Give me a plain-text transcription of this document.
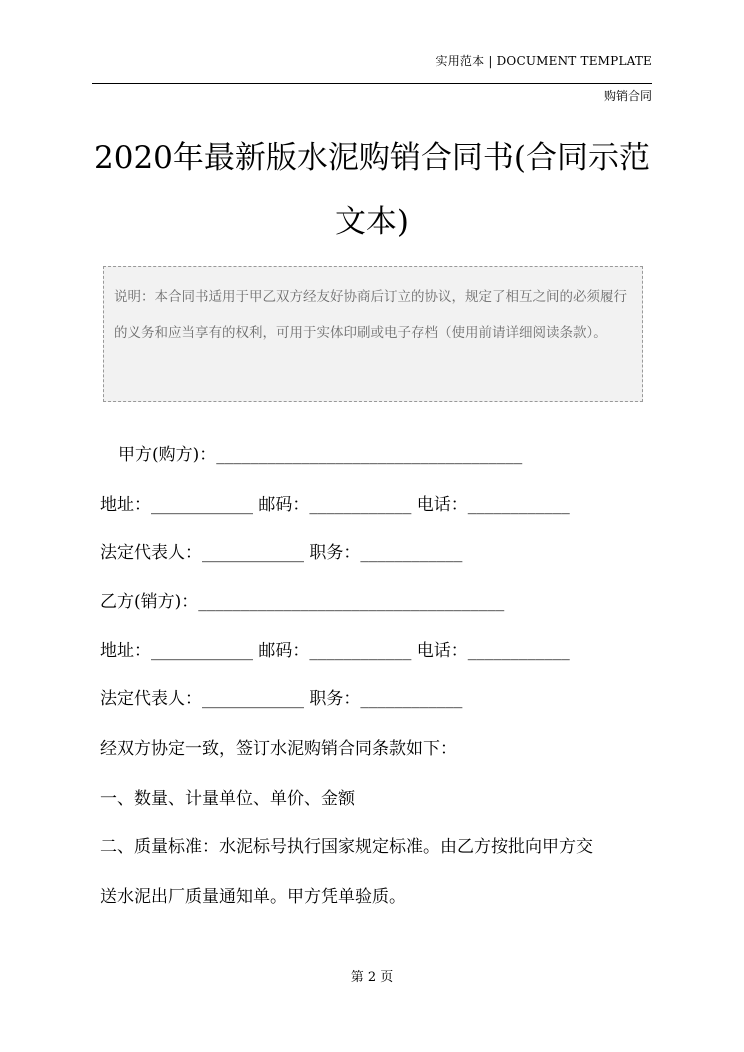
实用范本 | DOCUMENT TEMPLATE
购销合同
2020年最新版水泥购销合同书(合同示范
文本)
说明：本合同书适用于甲乙双方经友好协商后订立的协议，规定了相互之间的必须履行的义务和应当享有的权利，可用于实体印刷或电子存档（使用前请详细阅读条款）。
甲方(购方)：____________________________________
地址：____________ 邮码：____________ 电话：____________
法定代表人：____________ 职务：____________
乙方(销方)：____________________________________
地址：____________ 邮码：____________ 电话：____________
法定代表人：____________ 职务：____________
经双方协定一致，签订水泥购销合同条款如下：
一、数量、计量单位、单价、金额
二、质量标准：水泥标号执行国家规定标准。由乙方按批向甲方交
送水泥出厂质量通知单。甲方凭单验质。
第 2 页
